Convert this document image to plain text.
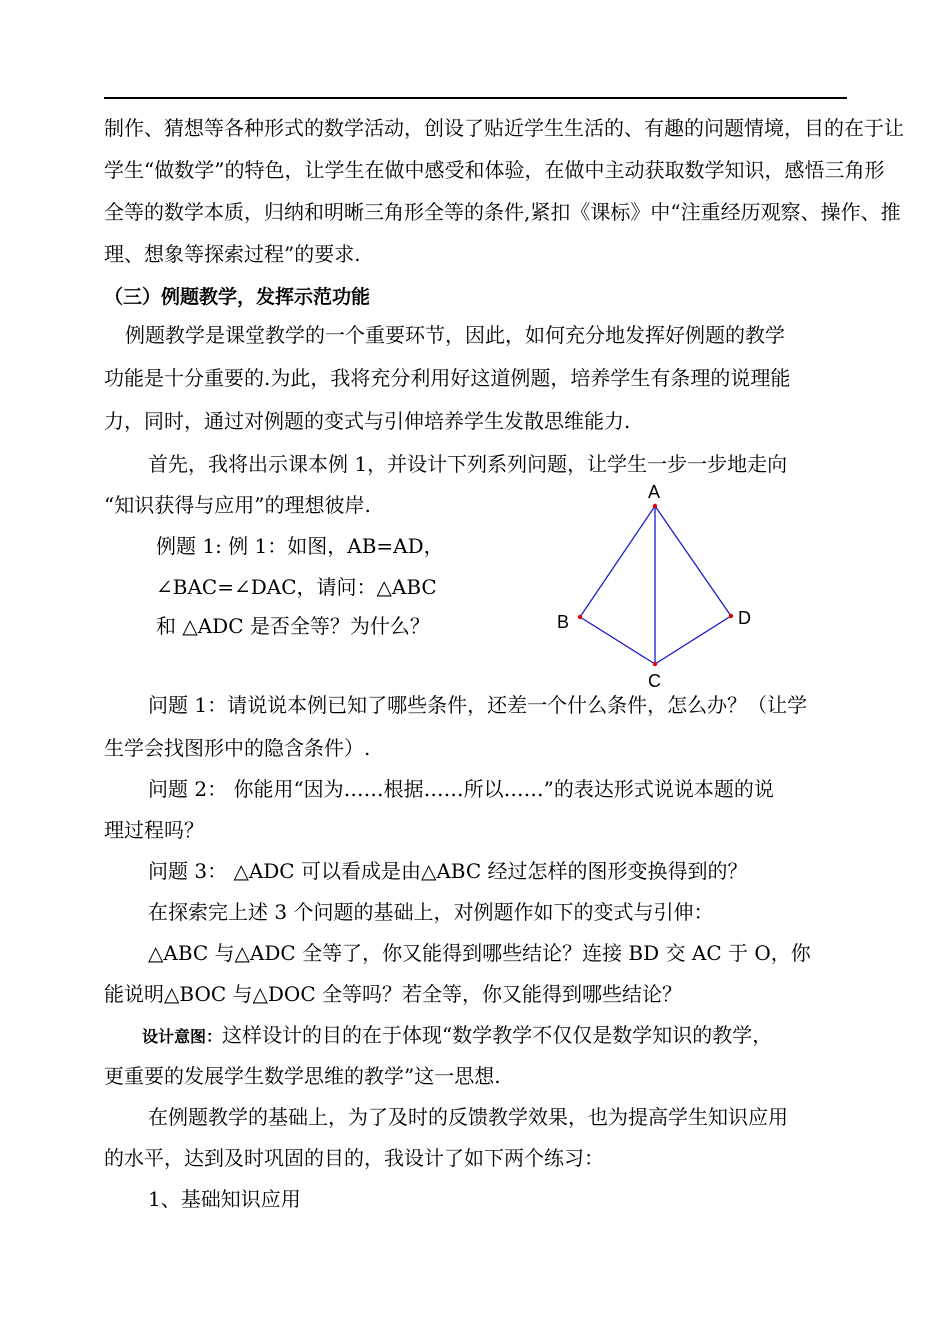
制作、猜想等各种形式的数学活动，创设了贴近学生生活的、有趣的问题情境，目的在于让
学生“做数学”的特色，让学生在做中感受和体验，在做中主动获取数学知识，感悟三角形
全等的数学本质，归纳和明晰三角形全等的条件,紧扣《课标》中“注重经历观察、操作、推
理、想象等探索过程”的要求.
（三）例题教学，发挥示范功能
例题教学是课堂教学的一个重要环节，因此，如何充分地发挥好例题的教学
功能是十分重要的.为此，我将充分利用好这道例题，培养学生有条理的说理能
力，同时，通过对例题的变式与引伸培养学生发散思维能力.
首先，我将出示课本例 1，并设计下列系列问题，让学生一步一步地走向
“知识获得与应用”的理想彼岸.
例题 1: 例 1：如图，AB=AD，
∠BAC=∠DAC，请问：△ABC
和 △ADC 是否全等？为什么？
A
B
C
D
问题 1：请说说本例已知了哪些条件，还差一个什么条件，怎么办？（让学
生学会找图形中的隐含条件）.
问题 2： 你能用“因为……根据……所以……”的表达形式说说本题的说
理过程吗？
问题 3： △ADC 可以看成是由△ABC 经过怎样的图形变换得到的？
在探索完上述 3 个问题的基础上，对例题作如下的变式与引伸：
△ABC 与△ADC 全等了，你又能得到哪些结论？连接 BD 交 AC 于 O，你
能说明△BOC 与△DOC 全等吗？若全等，你又能得到哪些结论？
设计意图：这样设计的目的在于体现“数学教学不仅仅是数学知识的教学，
更重要的发展学生数学思维的教学”这一思想.
在例题教学的基础上，为了及时的反馈教学效果，也为提高学生知识应用
的水平，达到及时巩固的目的，我设计了如下两个练习：
1、基础知识应用
